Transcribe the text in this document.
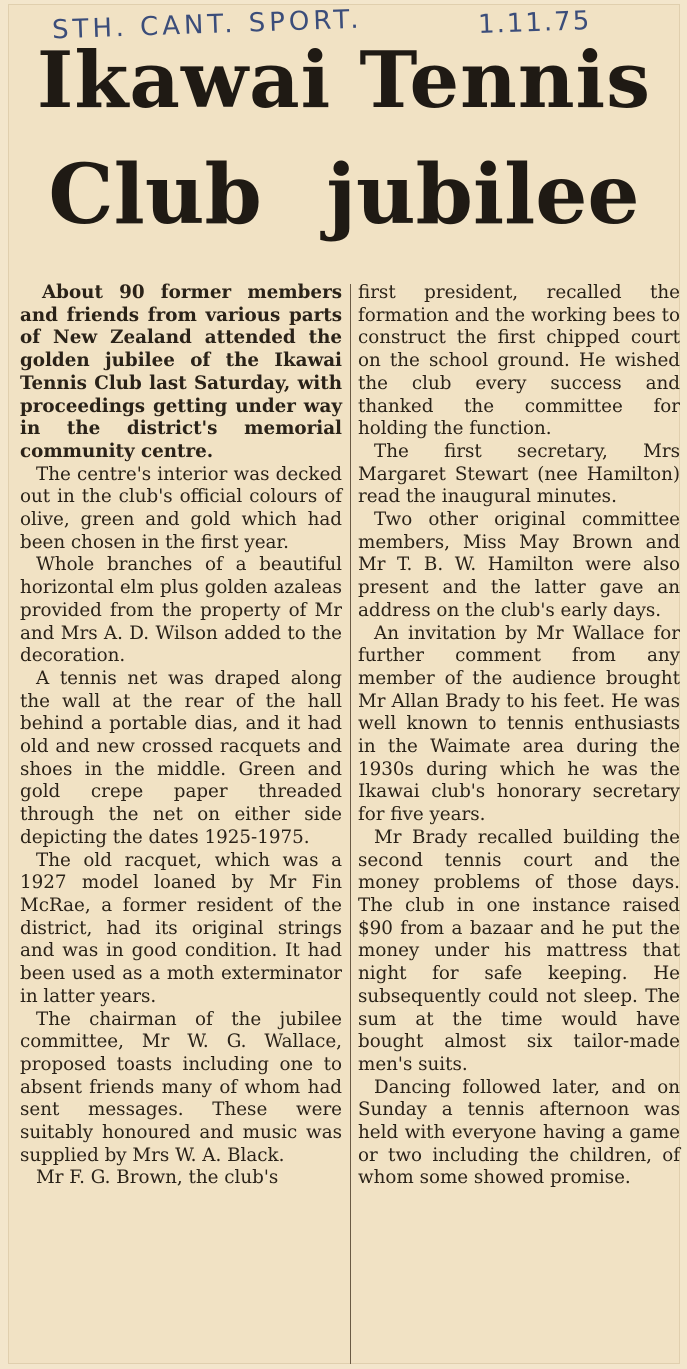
STH. CANT. SPORT.	1.11.75
Ikawai Tennis
Club jubilee

About 90 former members and friends from various parts of New Zealand attended the golden jubilee of the Ikawai Tennis Club last Saturday, with proceedings getting under way in the district's memorial community centre.

The centre's interior was decked out in the club's official colours of olive, green and gold which had been chosen in the first year.

Whole branches of a beautiful horizontal elm plus golden azaleas provided from the property of Mr and Mrs A. D. Wilson added to the decoration.

A tennis net was draped along the wall at the rear of the hall behind a portable dias, and it had old and new crossed racquets and shoes in the middle. Green and gold crepe paper threaded through the net on either side depicting the dates 1925-1975.

The old racquet, which was a 1927 model loaned by Mr Fin McRae, a former resident of the district, had its original strings and was in good condition. It had been used as a moth exterminator in latter years.

The chairman of the jubilee committee, Mr W. G. Wallace, proposed toasts including one to absent friends many of whom had sent messages. These were suitably honoured and music was supplied by Mrs W. A. Black.

Mr F. G. Brown, the club's

first president, recalled the formation and the working bees to construct the first chipped court on the school ground. He wished the club every success and thanked the committee for holding the function.

The first secretary, Mrs Margaret Stewart (nee Hamilton) read the inaugural minutes.

Two other original committee members, Miss May Brown and Mr T. B. W. Hamilton were also present and the latter gave an address on the club's early days.

An invitation by Mr Wallace for further comment from any member of the audience brought Mr Allan Brady to his feet. He was well known to tennis enthusiasts in the Waimate area during the 1930s during which he was the Ikawai club's honorary secretary for five years.

Mr Brady recalled building the second tennis court and the money problems of those days. The club in one instance raised $90 from a bazaar and he put the money under his mattress that night for safe keeping. He subsequently could not sleep. The sum at the time would have bought almost six tailor-made men's suits.

Dancing followed later, and on Sunday a tennis afternoon was held with everyone having a game or two including the children, of whom some showed promise.
